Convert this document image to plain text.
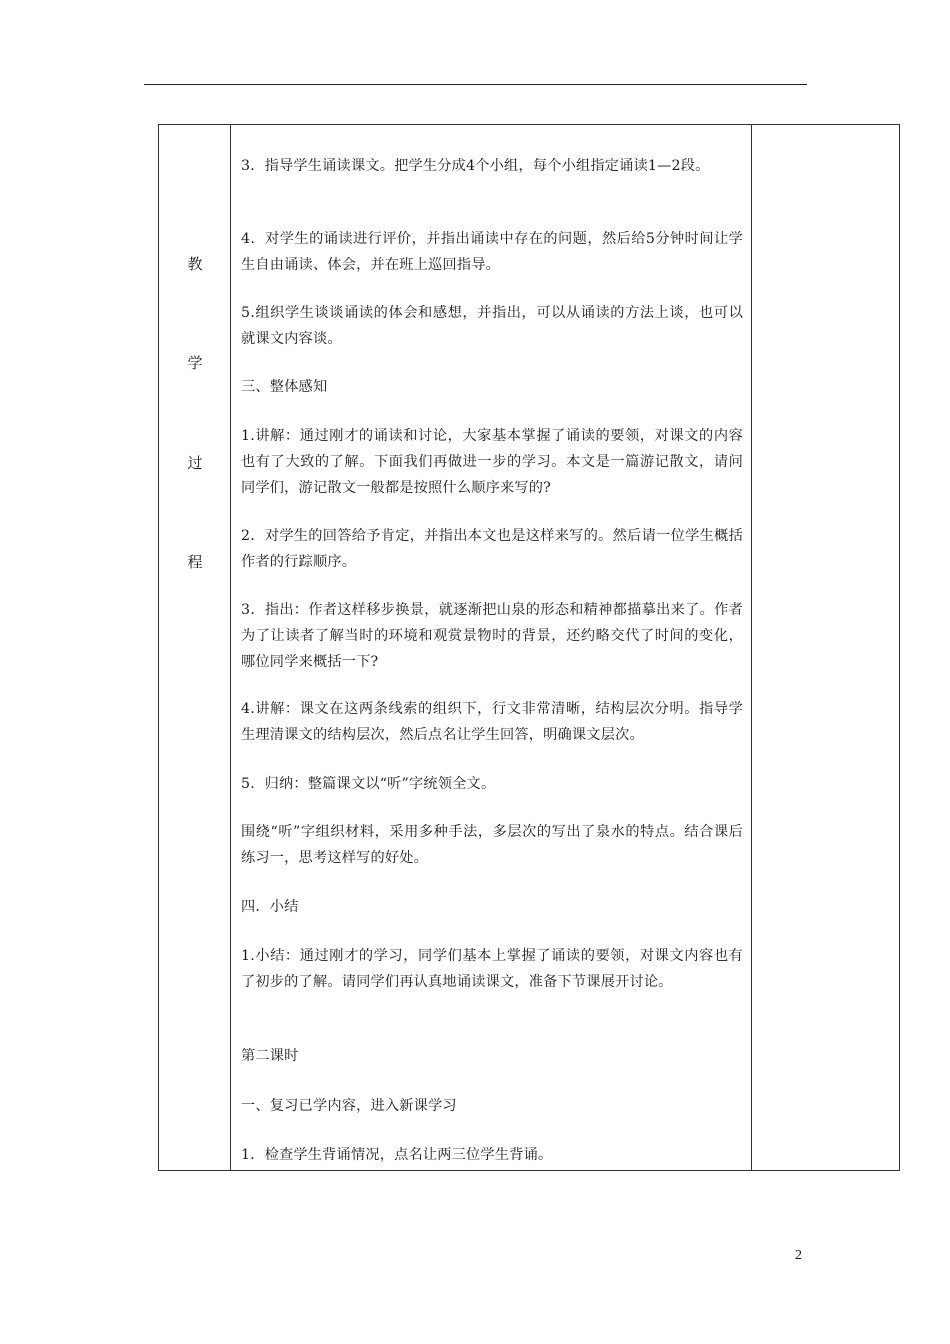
教
学
过
程

3．指导学生诵读课文。把学生分成4个小组，每个小组指定诵读1—2段。

4．对学生的诵读进行评价，并指出诵读中存在的问题，然后给5分钟时间让学生自由诵读、体会，并在班上巡回指导。

5.组织学生谈谈诵读的体会和感想，并指出，可以从诵读的方法上谈，也可以就课文内容谈。

三、整体感知

1.讲解：通过刚才的诵读和讨论，大家基本掌握了诵读的要领，对课文的内容也有了大致的了解。下面我们再做进一步的学习。本文是一篇游记散文，请问同学们，游记散文一般都是按照什么顺序来写的?

2．对学生的回答给予肯定，并指出本文也是这样来写的。然后请一位学生概括作者的行踪顺序。

3．指出：作者这样移步换景，就逐渐把山泉的形态和精神都描摹出来了。作者为了让读者了解当时的环境和观赏景物时的背景，还约略交代了时间的变化，哪位同学来概括一下?

4.讲解：课文在这两条线索的组织下，行文非常清晰，结构层次分明。指导学生理清课文的结构层次，然后点名让学生回答，明确课文层次。

5．归纳：整篇课文以“听”字统领全文。

围绕“听”字组织材料，采用多种手法，多层次的写出了泉水的特点。结合课后练习一，思考这样写的好处。

四．小结

1.小结：通过刚才的学习，同学们基本上掌握了诵读的要领，对课文内容也有了初步的了解。请同学们再认真地诵读课文，准备下节课展开讨论。

第二课时

一、复习已学内容，进入新课学习

1．检查学生背诵情况，点名让两三位学生背诵。

2
